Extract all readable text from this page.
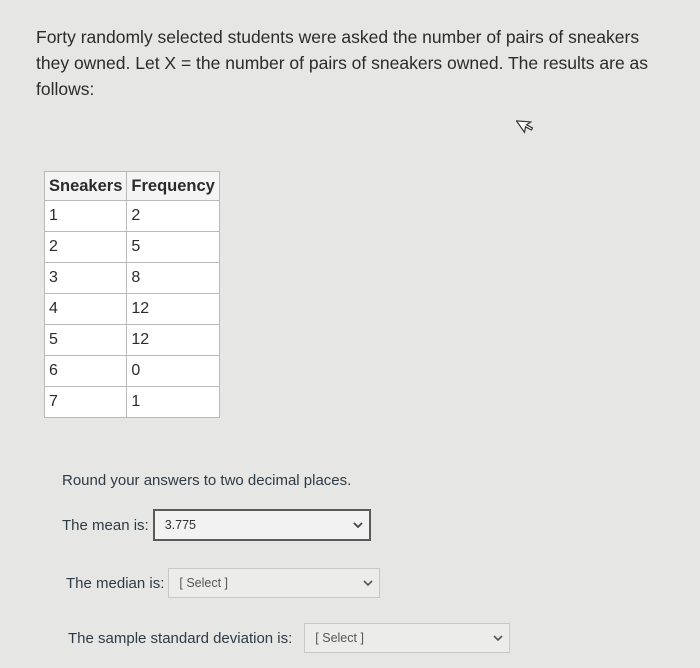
Forty randomly selected students were asked the number of pairs of sneakers they owned. Let X = the number of pairs of sneakers owned. The results are as follows:

Sneakers	Frequency
1	2
2	5
3	8
4	12
5	12
6	0
7	1

Round your answers to two decimal places.

The mean is: 3.775
The median is: [ Select ]
The sample standard deviation is: [ Select ]
